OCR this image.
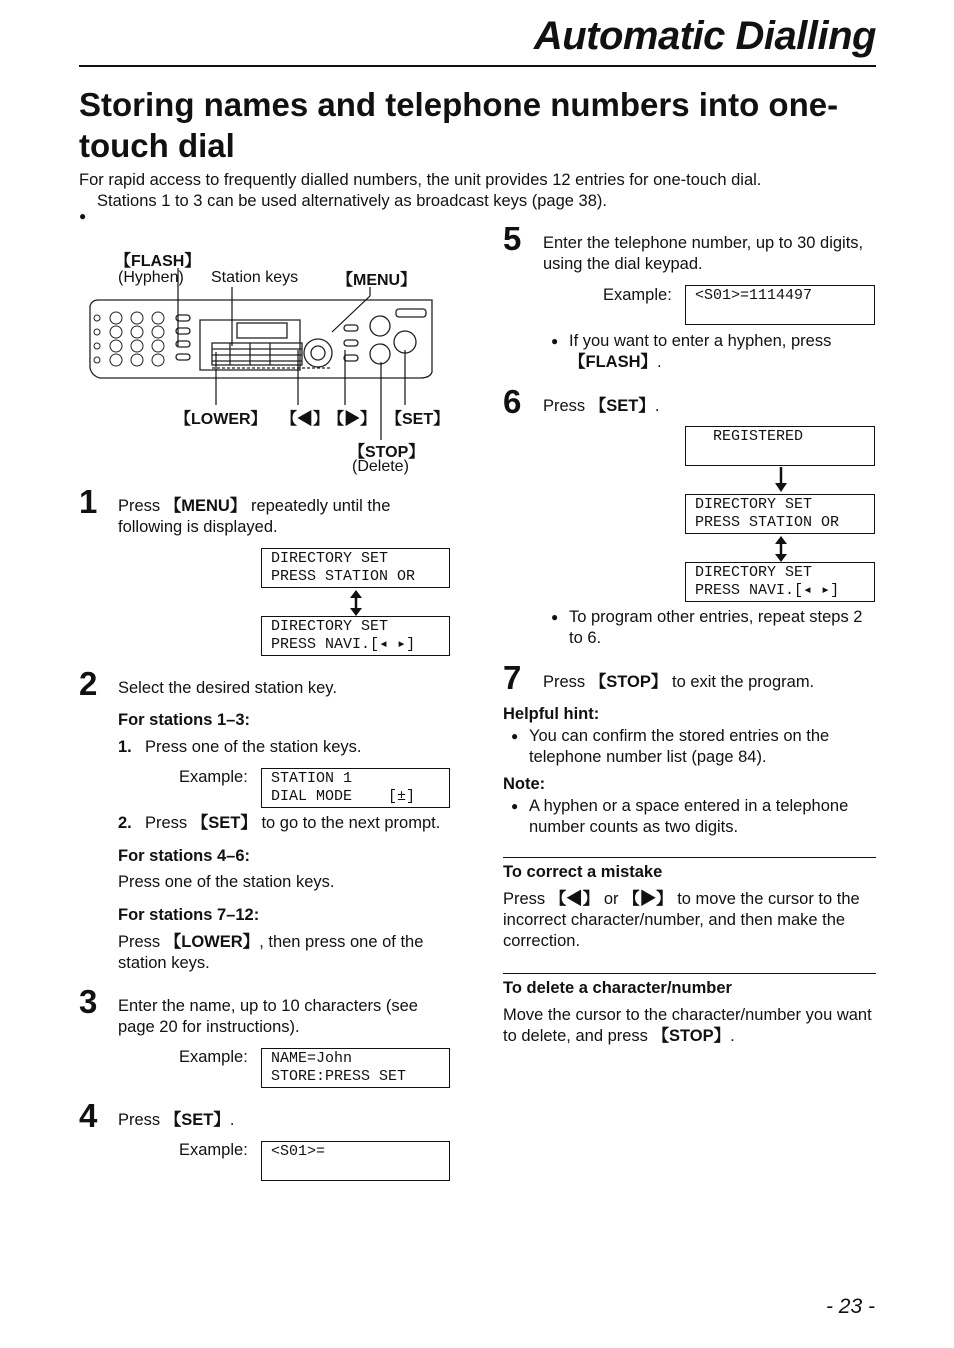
Automatic Dialling
Storing names and telephone numbers into one-touch dial
For rapid access to frequently dialled numbers, the unit provides 12 entries for one-touch dial.
Stations 1 to 3 can be used alternatively as broadcast keys (page 38).
【FLASH】
(Hyphen) Station keys 【MENU】
【LOWER】 【◀】
【▶】 【SET】
【STOP】
(Delete)
1 Press 【MENU】 repeatedly until the following is displayed.
DIRECTORY SET
PRESS STATION OR
DIRECTORY SET
PRESS NAVI.[◂ ▸]
2 Select the desired station key.
For stations 1–3:
1. Press one of the station keys.
Example:	STATION 1
DIAL MODE    [±]
2. Press 【SET】 to go to the next prompt.
For stations 4–6:
Press one of the station keys.
For stations 7–12:
Press 【LOWER】, then press one of the station keys.
3 Enter the name, up to 10 characters (see page 20 for instructions).
Example:	NAME=John
STORE:PRESS SET
4 Press 【SET】.
Example:	<S01>=
5 Enter the telephone number, up to 30 digits, using the dial keypad.
Example:	<S01>=1114497
If you want to enter a hyphen, press 【FLASH】.
6 Press 【SET】.
REGISTERED
DIRECTORY SET
PRESS STATION OR
DIRECTORY SET
PRESS NAVI.[◂ ▸]
To program other entries, repeat steps 2 to 6.
7 Press 【STOP】 to exit the program.
Helpful hint:
You can confirm the stored entries on the telephone number list (page 84).
Note:
A hyphen or a space entered in a telephone number counts as two digits.
To correct a mistake
Press 【◀】 or 【▶】 to move the cursor to the incorrect character/number, and then make the correction.
To delete a character/number
Move the cursor to the character/number you want to delete, and press 【STOP】.
- 23 -
